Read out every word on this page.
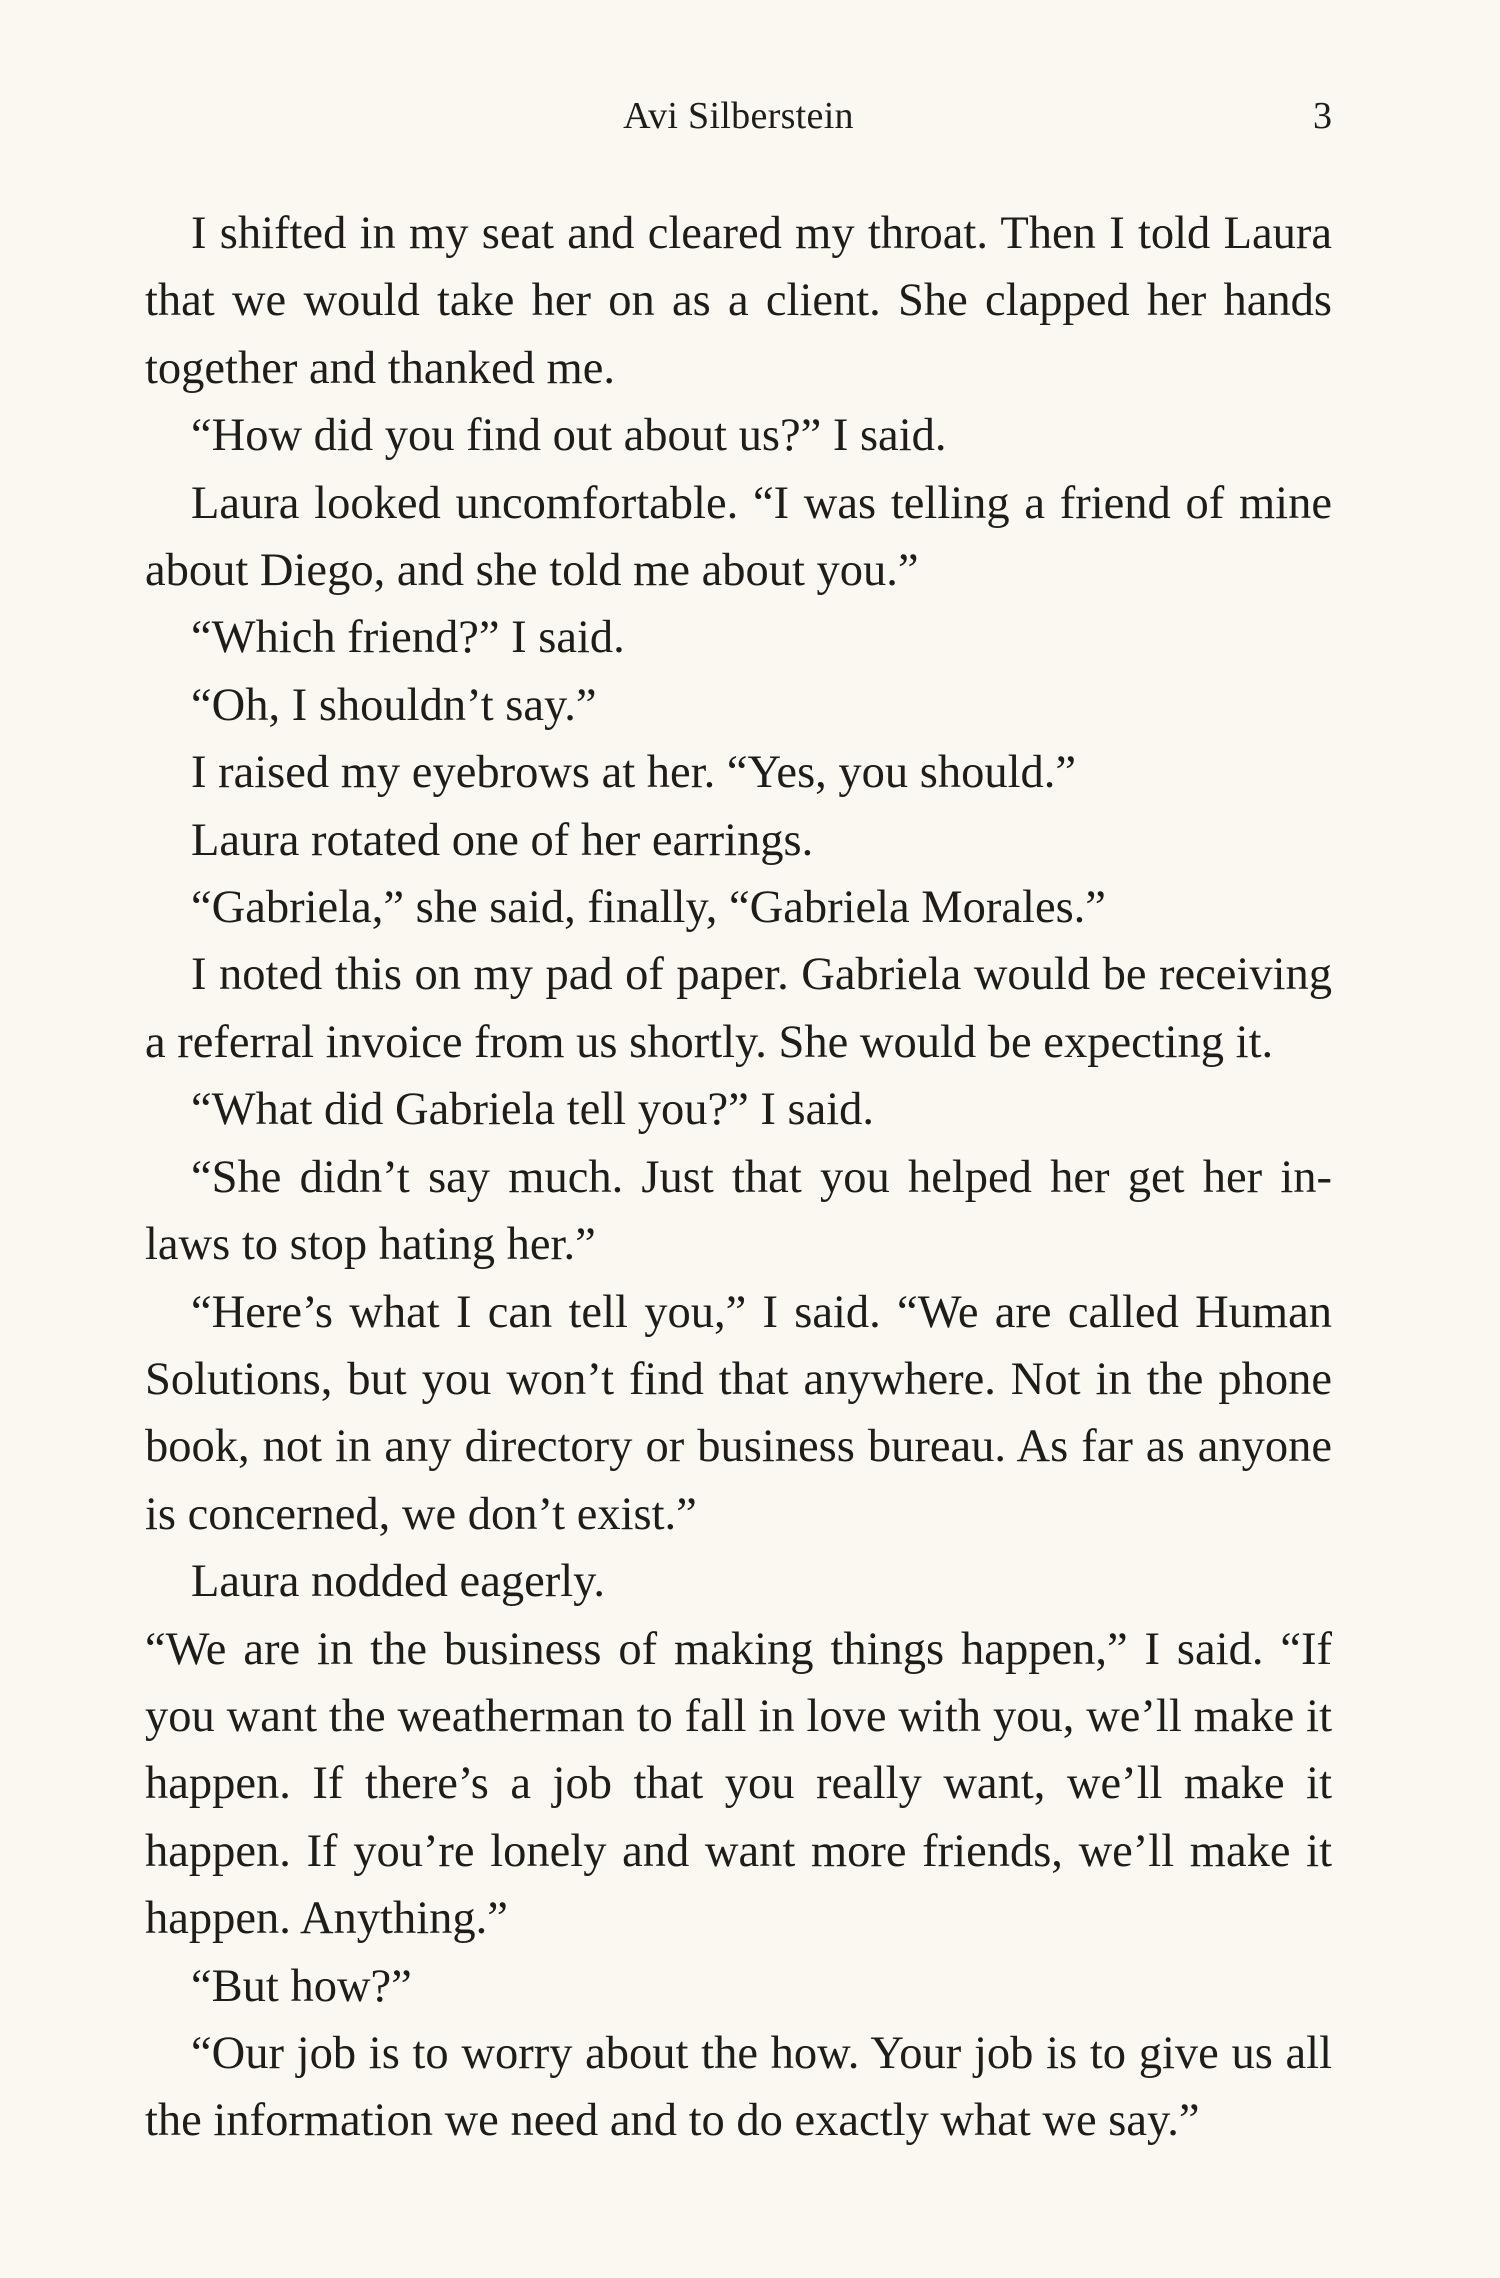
Avi Silberstein	3

I shifted in my seat and cleared my throat. Then I told Laura that we would take her on as a client. She clapped her hands together and thanked me.

“How did you find out about us?” I said.

Laura looked uncomfortable. “I was telling a friend of mine about Diego, and she told me about you.”

“Which friend?” I said.

“Oh, I shouldn’t say.”

I raised my eyebrows at her. “Yes, you should.”

Laura rotated one of her earrings.

“Gabriela,” she said, finally, “Gabriela Morales.”

I noted this on my pad of paper. Gabriela would be receiving a referral invoice from us shortly. She would be expecting it.

“What did Gabriela tell you?” I said.

“She didn’t say much. Just that you helped her get her in-laws to stop hating her.”

“Here’s what I can tell you,” I said. “We are called Human Solutions, but you won’t find that anywhere. Not in the phone book, not in any directory or business bureau. As far as anyone is concerned, we don’t exist.”

Laura nodded eagerly.

“We are in the business of making things happen,” I said. “If you want the weatherman to fall in love with you, we’ll make it happen. If there’s a job that you really want, we’ll make it happen. If you’re lonely and want more friends, we’ll make it happen. Anything.”

“But how?”

“Our job is to worry about the how. Your job is to give us all the information we need and to do exactly what we say.”
